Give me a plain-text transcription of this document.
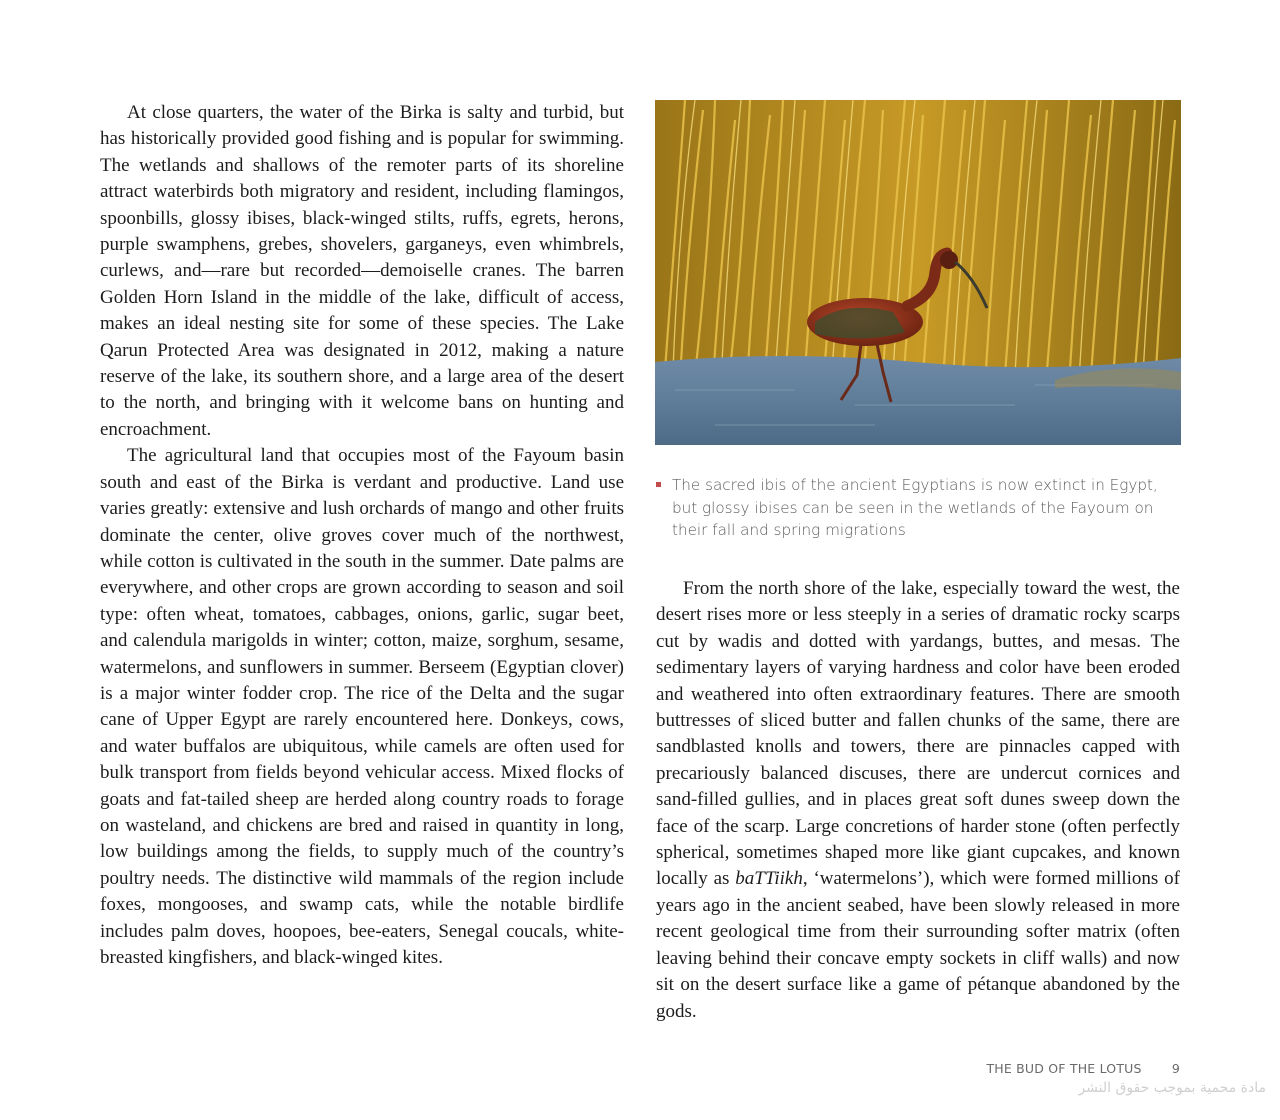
At close quarters, the water of the Birka is salty and turbid, but has historically provided good fishing and is popular for swimming. The wetlands and shallows of the remoter parts of its shoreline attract waterbirds both migratory and resident, including flamingos, spoonbills, glossy ibises, black-winged stilts, ruffs, egrets, herons, purple swamphens, grebes, shovelers, garganeys, even whimbrels, curlews, and—rare but recorded—demoiselle cranes. The barren Golden Horn Island in the middle of the lake, difficult of access, makes an ideal nesting site for some of these species. The Lake Qarun Protected Area was designated in 2012, making a nature reserve of the lake, its southern shore, and a large area of the desert to the north, and bringing with it welcome bans on hunting and encroachment.

The agricultural land that occupies most of the Fayoum basin south and east of the Birka is verdant and productive. Land use varies greatly: extensive and lush orchards of mango and other fruits dominate the center, olive groves cover much of the northwest, while cotton is cultivated in the south in the summer. Date palms are everywhere, and other crops are grown according to season and soil type: often wheat, tomatoes, cabbages, onions, garlic, sugar beet, and calendula marigolds in winter; cotton, maize, sorghum, sesame, watermelons, and sunflowers in summer. Berseem (Egyptian clover) is a major winter fodder crop. The rice of the Delta and the sugar cane of Upper Egypt are rarely encountered here. Donkeys, cows, and water buffalos are ubiquitous, while camels are often used for bulk transport from fields beyond vehicular access. Mixed flocks of goats and fat-tailed sheep are herded along country roads to forage on wasteland, and chickens are bred and raised in quantity in long, low buildings among the fields, to supply much of the country’s poultry needs. The distinctive wild mammals of the region include foxes, mongooses, and swamp cats, while the notable birdlife includes palm doves, hoopoes, bee-eaters, Senegal coucals, white-breasted kingfishers, and black-winged kites.

The sacred ibis of the ancient Egyptians is now extinct in Egypt, but glossy ibises can be seen in the wetlands of the Fayoum on their fall and spring migrations

From the north shore of the lake, especially toward the west, the desert rises more or less steeply in a series of dramatic rocky scarps cut by wadis and dotted with yardangs, buttes, and mesas. The sedimentary layers of varying hardness and color have been eroded and weathered into often extraordinary features. There are smooth buttresses of sliced butter and fallen chunks of the same, there are sandblasted knolls and towers, there are pinnacles capped with precariously balanced discuses, there are undercut cornices and sand-filled gullies, and in places great soft dunes sweep down the face of the scarp. Large concretions of harder stone (often perfectly spherical, sometimes shaped more like giant cupcakes, and known locally as baTTiikh, ‘watermelons’), which were formed millions of years ago in the ancient seabed, have been slowly released in more recent geological time from their surrounding softer matrix (often leaving behind their concave empty sockets in cliff walls) and now sit on the desert surface like a game of pétanque abandoned by the gods.

THE BUD OF THE LOTUS 9
مادة محمية بموجب حقوق النشر
